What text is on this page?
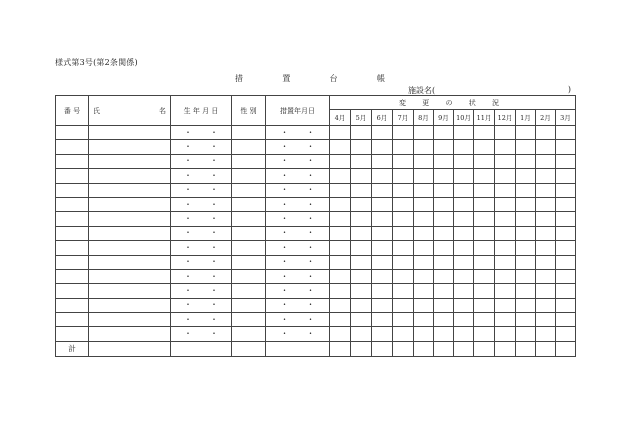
様式第3号(第2条関係)
措	置	台	帳
施設名(	)
番 号	氏 名	生 年 月 日	性 別	措置年月日	変 更 の 状 況											
					4月	5月	6月	7月	8月	9月	10月	11月	12月	1月	2月	3月

		・ ・		・ ・												

		・ ・		・ ・												

		・ ・		・ ・												

		・ ・		・ ・												

		・ ・		・ ・												

		・ ・		・ ・												

		・ ・		・ ・												

		・ ・		・ ・												

		・ ・		・ ・												

		・ ・		・ ・												

		・ ・		・ ・												

		・ ・		・ ・												

		・ ・		・ ・												

		・ ・		・ ・												

		・ ・		・ ・												

計																
